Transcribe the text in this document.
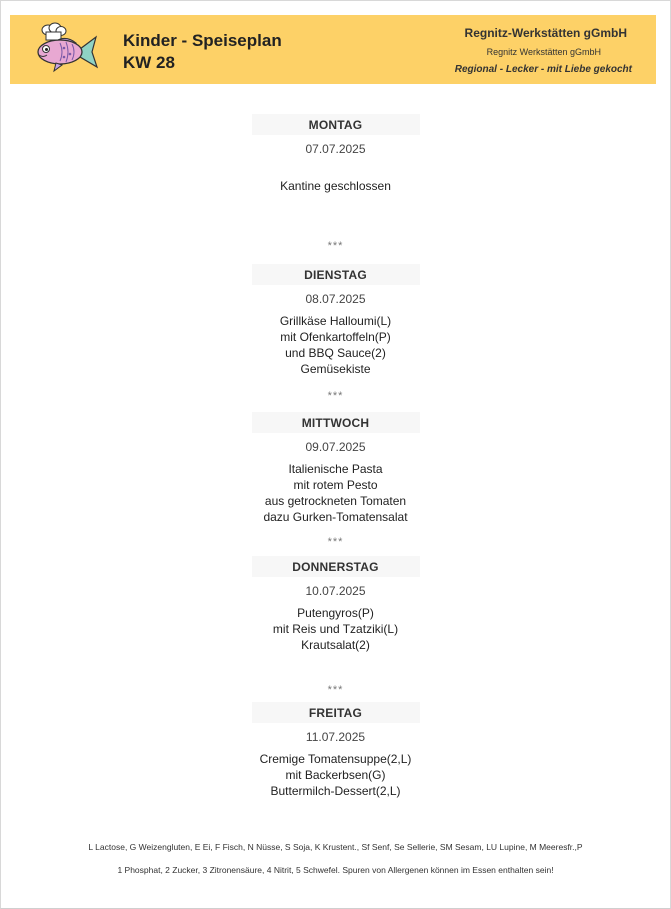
Kinder - Speiseplan
KW 28
Regnitz-Werkstätten gGmbH
Regnitz Werkstätten gGmbH
Regional - Lecker - mit Liebe gekocht
MONTAG
07.07.2025
Kantine geschlossen
***
DIENSTAG
08.07.2025
Grillkäse Halloumi(L)
mit Ofenkartoffeln(P)
und BBQ Sauce(2)
Gemüsekiste
***
MITTWOCH
09.07.2025
Italienische Pasta
mit rotem Pesto
aus getrockneten Tomaten
dazu Gurken-Tomatensalat
***
DONNERSTAG
10.07.2025
Putengyros(P)
mit Reis und Tzatziki(L)
Krautsalat(2)
***
FREITAG
11.07.2025
Cremige Tomatensuppe(2,L)
mit Backerbsen(G)
Buttermilch-Dessert(2,L)
L Lactose, G Weizengluten, E Ei, F Fisch, N Nüsse, S Soja, K Krustent., Sf Senf, Se Sellerie, SM Sesam, LU Lupine, M Meeresfr.,P
1 Phosphat, 2 Zucker, 3 Zitronensäure, 4 Nitrit, 5 Schwefel. Spuren von Allergenen können im Essen enthalten sein!
